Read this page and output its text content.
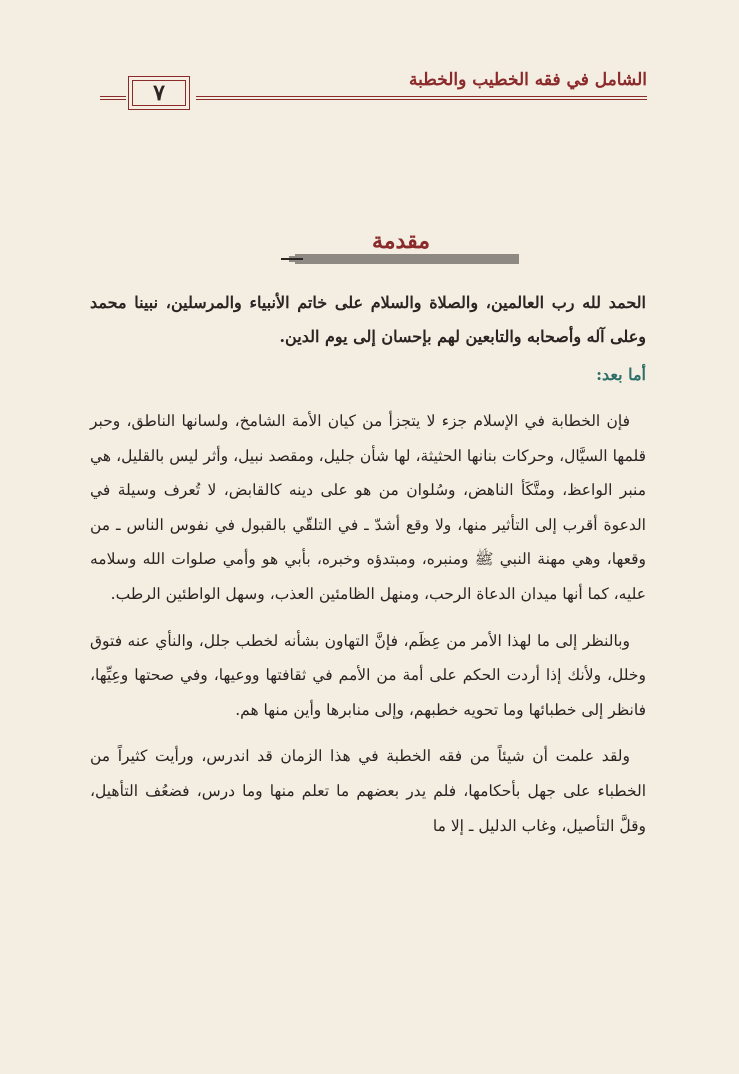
الشامل في فقه الخطيب والخطبة
٧
مقدمة

الحمد لله رب العالمين، والصلاة والسلام على خاتم الأنبياء والمرسلين، نبينا محمد وعلى آله وأصحابه والتابعين لهم بإحسان إلى يوم الدين.

أما بعد:

فإن الخطابة في الإسلام جزء لا يتجزأ من كيان الأمة الشامخ، ولسانها الناطق، وحبر قلمها السيَّال، وحركات بنانها الحثيثة، لها شأن جليل، ومقصد نبيل، وأثر ليس بالقليل، هي منبر الواعظ، ومتَّكَأ الناهض، وسُلوان من هو على دينه كالقابض، لا تُعرف وسيلة في الدعوة أقرب إلى التأثير منها، ولا وقع أشدّ ـ في التلقّي بالقبول في نفوس الناس ـ من وقعها، وهي مهنة النبي ﷺ ومنبره، ومبتدؤه وخبره، بأبي هو وأمي صلوات الله وسلامه عليه، كما أنها ميدان الدعاة الرحب، ومنهل الظامئين العذب، وسهل الواطئين الرطب.

وبالنظر إلى ما لهذا الأمر من عِظَم، فإنَّ التهاون بشأنه لخطب جلل، والنأي عنه فتوق وخلل، ولأنك إذا أردت الحكم على أمة من الأمم في ثقافتها ووعيها، وفي صحتها وعِيِّها، فانظر إلى خطبائها وما تحويه خطبهم، وإلى منابرها وأين منها هم.

ولقد علمت أن شيئاً من فقه الخطبة في هذا الزمان قد اندرس، ورأيت كثيراً من الخطباء على جهل بأحكامها، فلم يدر بعضهم ما تعلم منها وما درس، فضعُف التأهيل، وقلَّ التأصيل، وغاب الدليل ـ إلا ما
